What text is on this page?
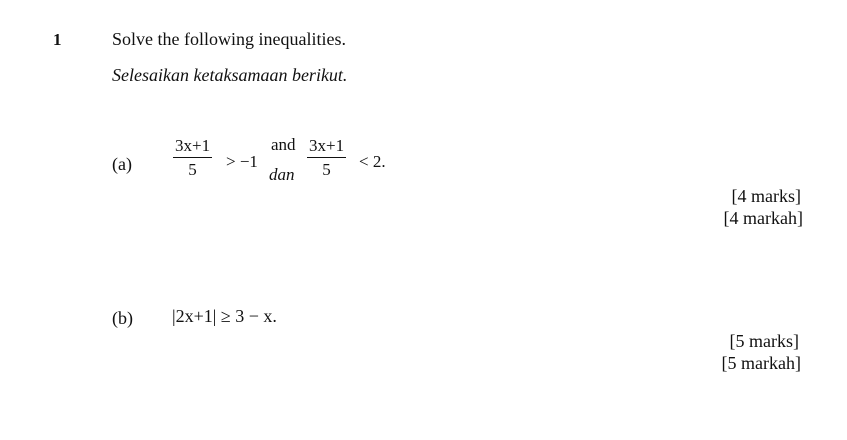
1	Solve the following inequalities.
Selesaikan ketaksamaan berikut.
$(a) \frac{3x+1}{5} > -1$
and
dan $\frac{3x+1}{5} < 2$.
[4 marks]
[4 markah]
(b) |2x+1| ≥ 3 − x.
[5 marks]
[5 markah]
